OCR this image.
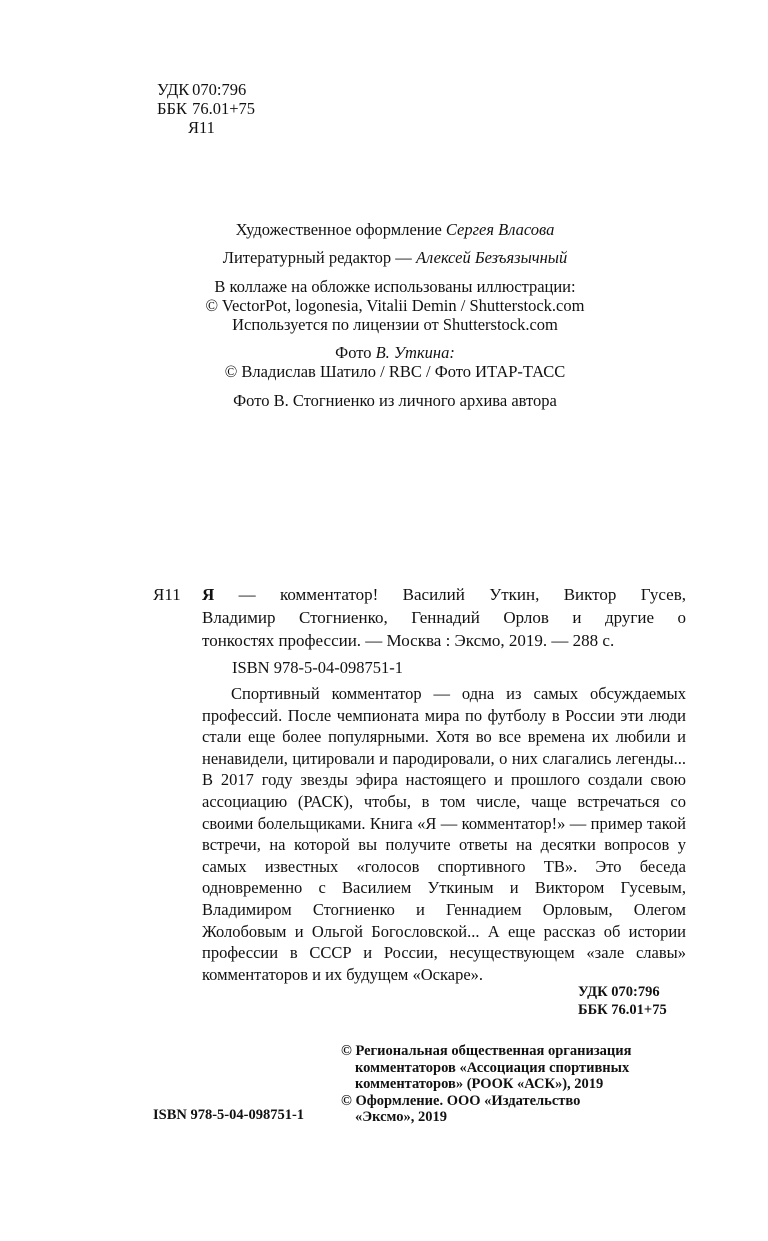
УДК 070:796
ББК 76.01+75
Я11
Художественное оформление Сергея Власова
Литературный редактор — Алексей Безъязычный
В коллаже на обложке использованы иллюстрации:
© VectorPot, logonesia, Vitalii Demin / Shutterstock.com
Используется по лицензии от Shutterstock.com
Фото В. Уткина:
© Владислав Шатило / RBC / Фото ИТАР-ТАСС
Фото В. Стогниенко из личного архива автора
Я11 Я — комментатор! Василий Уткин, Виктор Гусев,
Владимир Стогниенко, Геннадий Орлов и другие о
тонкостях профессии. — Москва : Эксмо, 2019. — 288 с.
ISBN 978-5-04-098751-1

Спортивный комментатор — одна из самых обсуждаемых профессий. После чемпионата мира по футболу в России эти люди стали еще более популярными. Хотя во все времена их любили и ненавидели, цитировали и пародировали, о них слагались легенды... В 2017 году звезды эфира настоящего и прошлого создали свою ассоциацию (РАСК), чтобы, в том числе, чаще встречаться со своими болельщиками. Книга «Я — комментатор!» — пример такой встречи, на которой вы получите ответы на десятки вопросов у самых известных «голосов спортивного ТВ». Это беседа одновременно с Василием Уткиным и Виктором Гусевым, Владимиром Стогниенко и Геннадием Орловым, Олегом Жолобовым и Ольгой Богословской... А еще рассказ об истории профессии в СССР и России, несуществующем «зале славы» комментаторов и их будущем «Оскаре».

УДК 070:796
ББК 76.01+75
© Региональная общественная организация
комментаторов «Ассоциация спортивных
комментаторов» (РООК «АСК»), 2019
© Оформление. ООО «Издательство
«Эксмо», 2019
ISBN 978-5-04-098751-1
